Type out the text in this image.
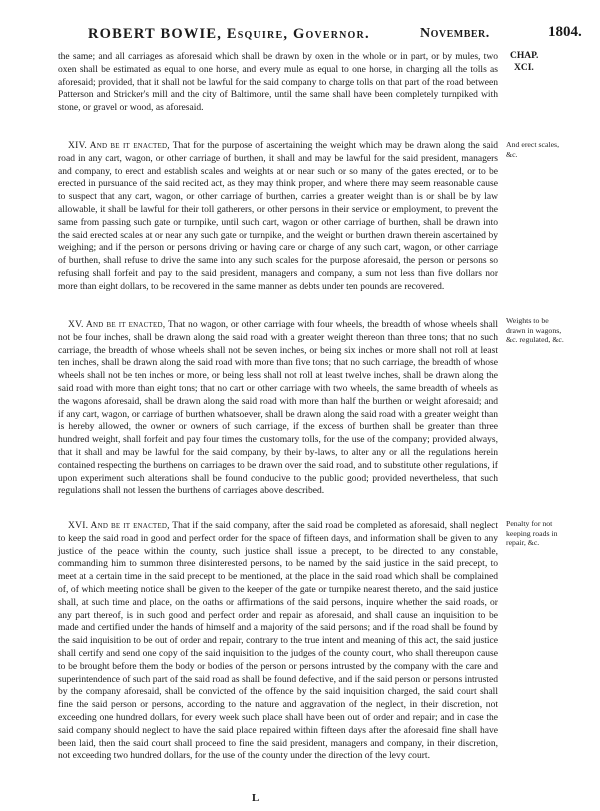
ROBERT BOWIE, Esquire, Governor.	November.	1804.
CHAP.
XCI.
the same; and all carriages as aforesaid which shall be drawn by oxen in the whole or in part, or by mules, two oxen shall be estimated as equal to one horse, and every mule as equal to one horse, in charging all the tolls as aforesaid; provided, that it shall not be lawful for the said company to charge tolls on that part of the road between Patterson and Stricker's mill and the city of Baltimore, until the same shall have been completely turnpiked with stone, or gravel or wood, as aforesaid.

XIV. And be it enacted, That for the purpose of ascertaining the weight which may be drawn along the said road in any cart, wagon, or other carriage of burthen, it shall and may be lawful for the said president, managers and company, to erect and establish scales and weights at or near such or so many of the gates erected, or to be erected in pursuance of the said recited act, as they may think proper, and where there may seem reasonable cause to suspect that any cart, wagon, or other carriage of burthen, carries a greater weight than is or shall be by law allowable, it shall be lawful for their toll gatherers, or other persons in their service or employment, to prevent the same from passing such gate or turnpike, until such cart, wagon or other carriage of burthen, shall be drawn into the said erected scales at or near any such gate or turnpike, and the weight or burthen drawn therein ascertained by weighing; and if the person or persons driving or having care or charge of any such cart, wagon, or other carriage of burthen, shall refuse to drive the same into any such scales for the purpose aforesaid, the person or persons so refusing shall forfeit and pay to the said president, managers and company, a sum not less than five dollars nor more than eight dollars, to be recovered in the same manner as debts under ten pounds are recovered.

And erect scales, &c.

XV. And be it enacted, That no wagon, or other carriage with four wheels, the breadth of whose wheels shall not be four inches, shall be drawn along the said road with a greater weight thereon than three tons; that no such carriage, the breadth of whose wheels shall not be seven inches, or being six inches or more shall not roll at least ten inches, shall be drawn along the said road with more than five tons; that no such carriage, the breadth of whose wheels shall not be ten inches or more, or being less shall not roll at least twelve inches, shall be drawn along the said road with more than eight tons; that no cart or other carriage with two wheels, the same breadth of wheels as the wagons aforesaid, shall be drawn along the said road with more than half the burthen or weight aforesaid; and if any cart, wagon, or carriage of burthen whatsoever, shall be drawn along the said road with a greater weight than is hereby allowed, the owner or owners of such carriage, if the excess of burthen shall be greater than three hundred weight, shall forfeit and pay four times the customary tolls, for the use of the company; provided always, that it shall and may be lawful for the said company, by their by-laws, to alter any or all the regulations herein contained respecting the burthens on carriages to be drawn over the said road, and to substitute other regulations, if upon experiment such alterations shall be found conducive to the public good; provided nevertheless, that such regulations shall not lessen the burthens of carriages above described.

Weights to be drawn in wagons, &c. regulated, &c.

XVI. And be it enacted, That if the said company, after the said road be completed as aforesaid, shall neglect to keep the said road in good and perfect order for the space of fifteen days, and information shall be given to any justice of the peace within the county, such justice shall issue a precept, to be directed to any constable, commanding him to summon three disinterested persons, to be named by the said justice in the said precept, to meet at a certain time in the said precept to be mentioned, at the place in the said road which shall be complained of, of which meeting notice shall be given to the keeper of the gate or turnpike nearest thereto, and the said justice shall, at such time and place, on the oaths or affirmations of the said persons, inquire whether the said roads, or any part thereof, is in such good and perfect order and repair as aforesaid, and shall cause an inquisition to be made and certified under the hands of himself and a majority of the said persons; and if the road shall be found by the said inquisition to be out of order and repair, contrary to the true intent and meaning of this act, the said justice shall certify and send one copy of the said inquisition to the judges of the county court, who shall thereupon cause to be brought before them the body or bodies of the person or persons intrusted by the company with the care and superintendence of such part of the said road as shall be found defective, and if the said person or persons intrusted by the company aforesaid, shall be convicted of the offence by the said inquisition charged, the said court shall fine the said person or persons, according to the nature and aggravation of the neglect, in their discretion, not exceeding one hundred dollars, for every week such place shall have been out of order and repair; and in case the said company should neglect to have the said place repaired within fifteen days after the aforesaid fine shall have been laid, then the said court shall proceed to fine the said president, managers and company, in their discretion, not exceeding two hundred dollars, for the use of the county under the direction of the levy court.

Penalty for not keeping roads in repair, &c.
L
